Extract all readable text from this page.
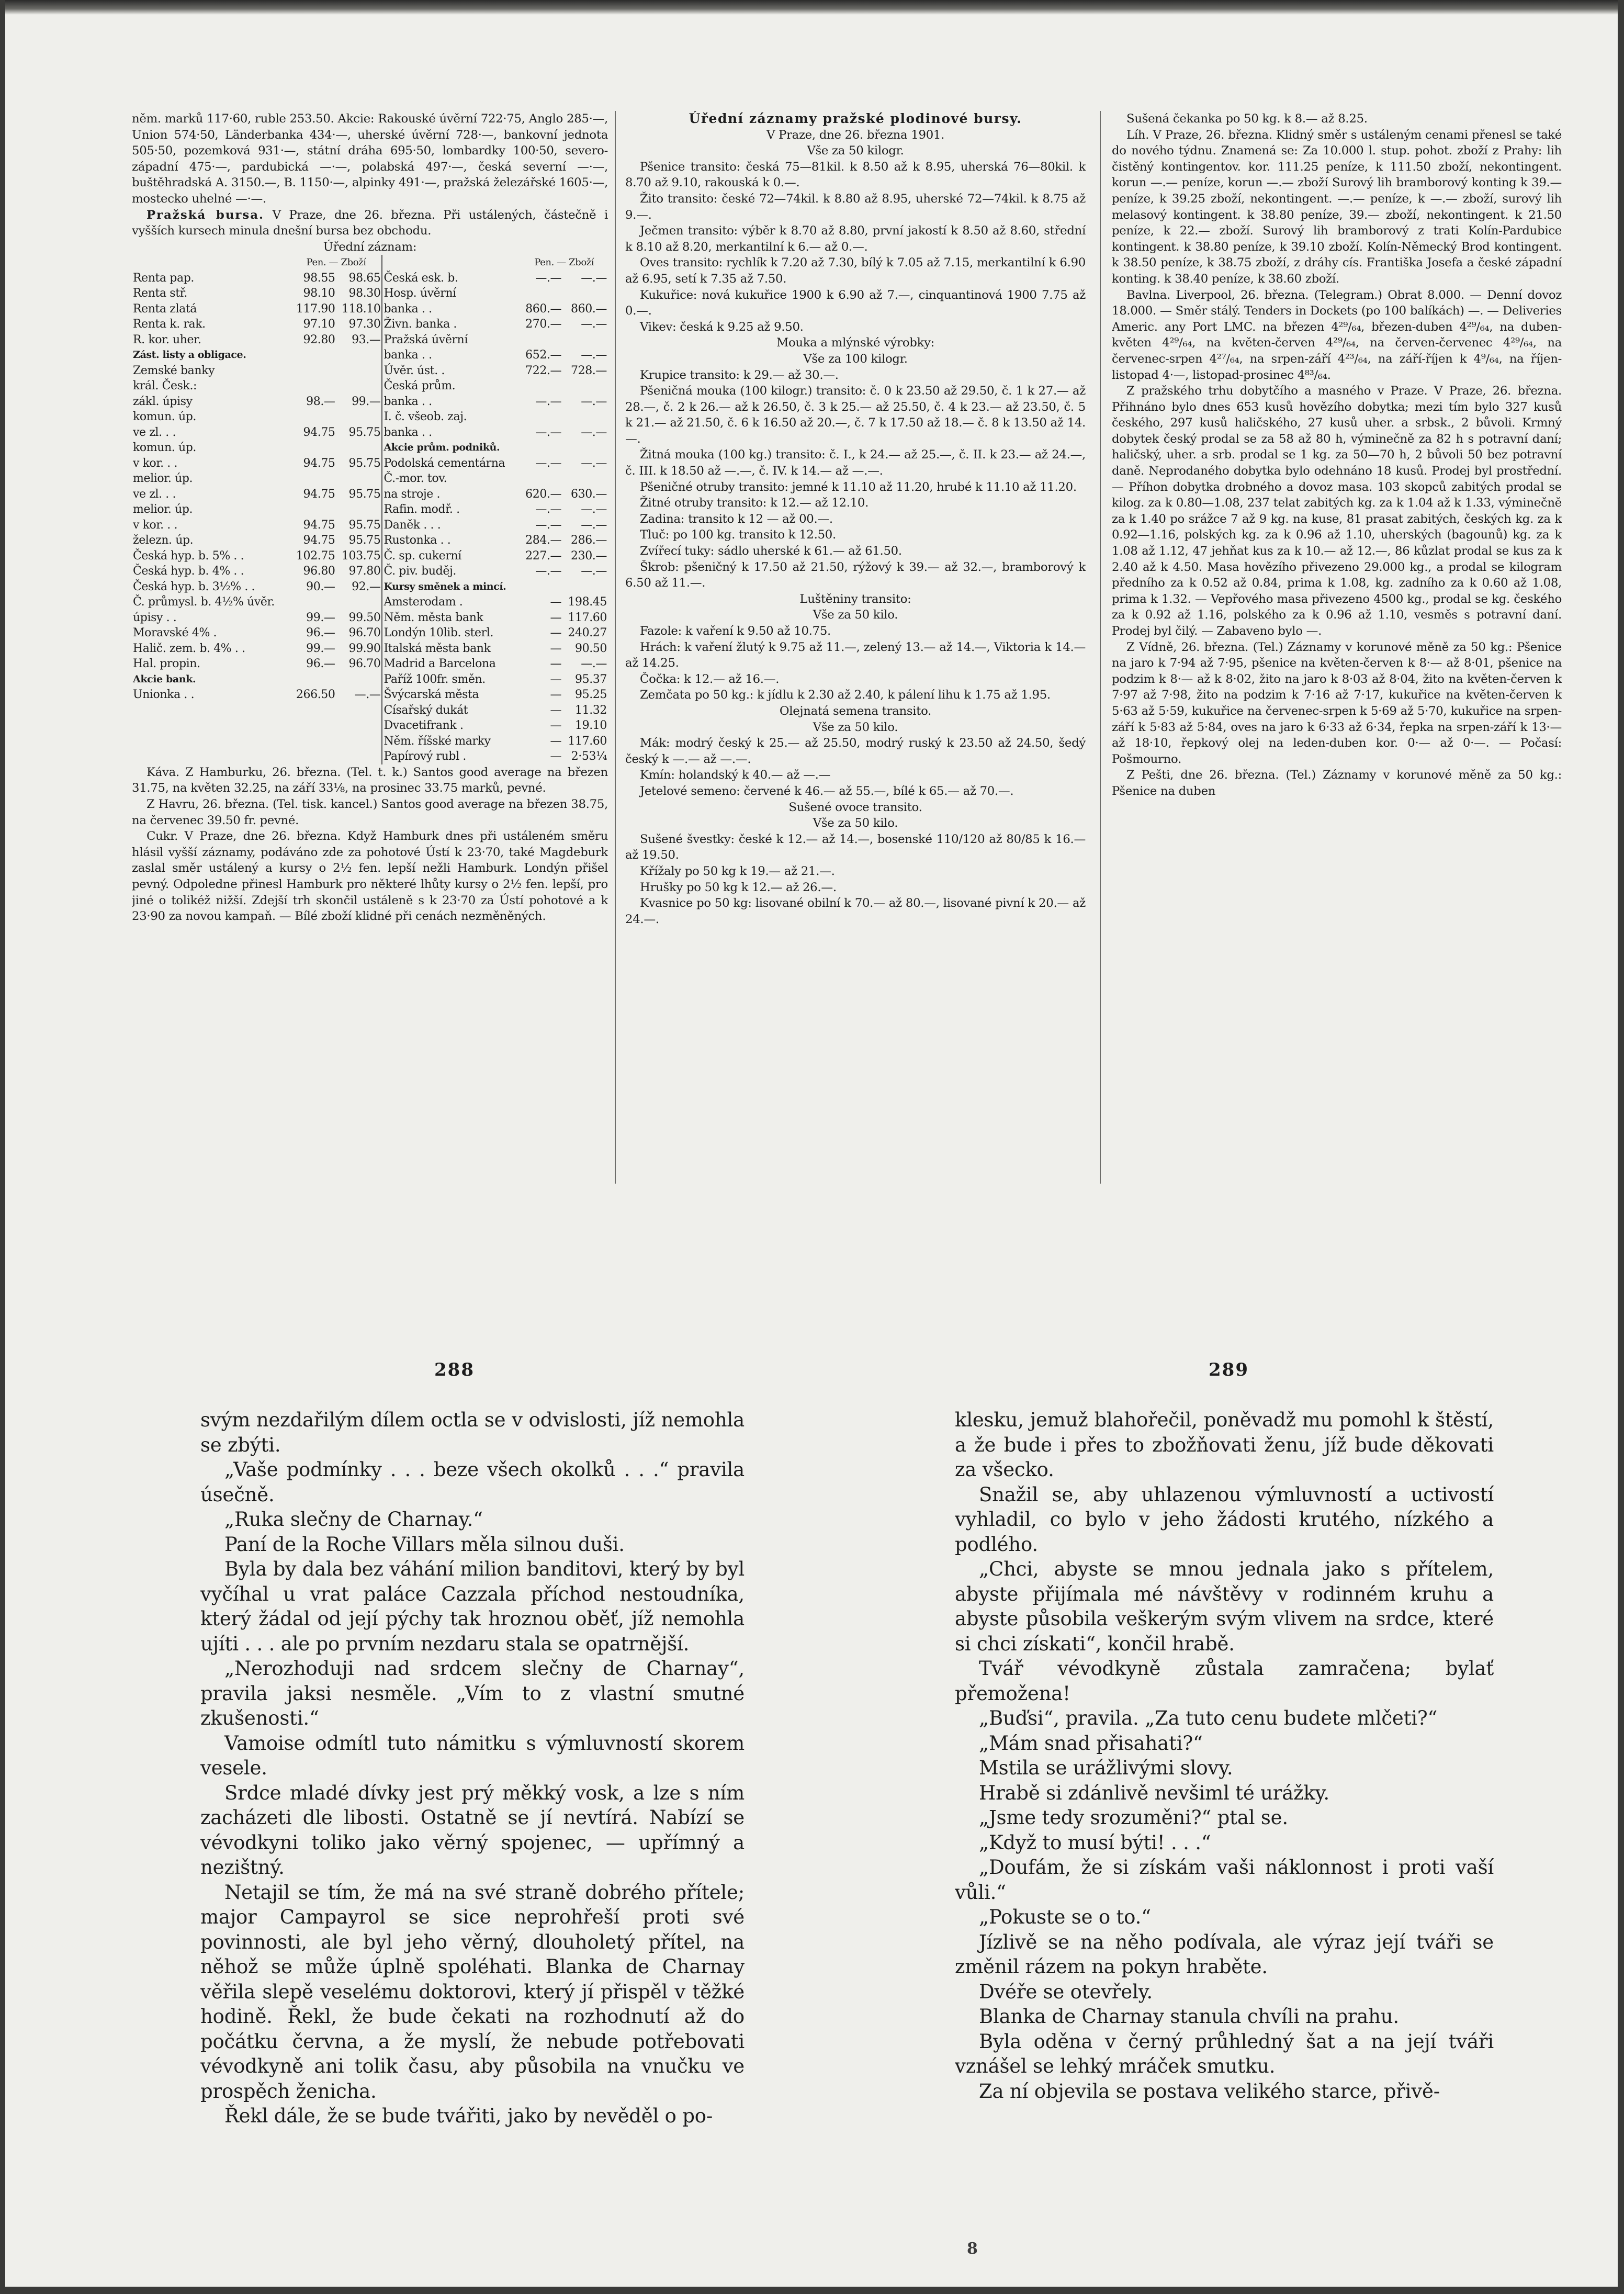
něm. marků 117·60, ruble 253.50. Akcie: Rakouské úvěrní 722·75, Anglo 285·—, Union 574·50, Länderbanka 434·—, uherské úvěrní 728·—, bankovní jednota 505·50, pozemková 931·—, státní dráha 695·50, lombardky 100·50, severo-západní 475·—, pardubická —·—, polabská 497·—, česká severní —·—, buštěhradská A. 3150.—, B. 1150·—, alpinky 491·—, pražská železářské 1605·—, mostecko uhelné —·—.

Pražská bursa. V Praze, dne 26. března. Při ustálených, částečně i vyšších kursech minula dnešní bursa bez obchodu.

Úřední záznam:

	Pen. — Zboží			Pen. — Zboží	
Renta pap.	98.55	98.65	Česká esk. b.	—.—	—.—
Renta stř.	98.10	98.30	Hosp. úvěrní		
Renta zlatá	117.90	118.10	banka . .	860.—	860.—
Renta k. rak.	97.10	97.30	Živn. banka .	270.—	—.—
R. kor. uher.	92.80	93.—	Pražská úvěrní		
Zást. listy a obligace.			banka . .	652.—	—.—
Zemské banky			Úvěr. úst. .	722.—	728.—
král. Česk.:			Česká prům.		
zákl. úpisy	98.—	99.—	banka . .	—.—	—.—
komun. úp.			I. č. všeob. zaj.		
ve zl. . .	94.75	95.75	banka . .	—.—	—.—
komun. úp.			Akcie prům. podniků.		
v kor. . .	94.75	95.75	Podolská cementárna	—.—	—.—
melior. úp.			Č.-mor. tov.		
ve zl. . .	94.75	95.75	na stroje .	620.—	630.—
melior. úp.			Rafin. modř. .	—.—	—.—
v kor. . .	94.75	95.75	Daněk . . .	—.—	—.—
železn. úp.	94.75	95.75	Rustonka . .	284.—	286.—
Česká hyp. b. 5% . .	102.75	103.75	Č. sp. cukerní	227.—	230.—
Česká hyp. b. 4% . .	96.80	97.80	Č. piv. buděj.	—.—	—.—
Česká hyp. b. 3½% . .	90.—	92.—	Kursy směnek a mincí.		
Č. průmysl. b. 4½% úvěr.			Amsterodam .	—	198.45
úpisy . .	99.—	99.50	Něm. města bank	—	117.60
Moravské 4% .	96.—	96.70	Londýn 10lib. sterl.	—	240.27
Halič. zem. b. 4% . .	99.—	99.90	Italská města bank	—	90.50
Hal. propin.	96.—	96.70	Madrid a Barcelona	—	—.—
Akcie bank.			Paříž 100fr. směn.	—	95.37
Unionka . .	266.50	—.—	Švýcarská města	—	95.25
			Císařský dukát	—	11.32
			Dvacetifrank .	—	19.10
			Něm. říšské marky	—	117.60
			Papírový rubl .	—	2·53¼

Káva. Z Hamburku, 26. března. (Tel. t. k.) Santos good average na březen 31.75, na květen 32.25, na září 33⅛, na prosinec 33.75 marků, pevné.

Z Havru, 26. března. (Tel. tisk. kancel.) Santos good average na březen 38.75, na červenec 39.50 fr. pevné.

Cukr. V Praze, dne 26. března. Když Hamburk dnes při ustáleném směru hlásil vyšší záznamy, podáváno zde za pohotové Ústí k 23·70, také Magdeburk zaslal směr ustálený a kursy o 2½ fen. lepší nežli Hamburk. Londýn přišel pevný. Odpoledne přinesl Hamburk pro některé lhůty kursy o 2½ fen. lepší, pro jiné o tolikéž nižší. Zdejší trh skončil ustáleně s k 23·70 za Ústí pohotové a k 23·90 za novou kampaň. — Bílé zboží klidné při cenách nezměněných.

Úřední záznamy pražské plodinové bursy.

V Praze, dne 26. března 1901.

Vše za 50 kilogr.

Pšenice transito: česká 75—81kil. k 8.50 až k 8.95, uherská 76—80kil. k 8.70 až 9.10, rakouská k 0.—.

Žito transito: české 72—74kil. k 8.80 až 8.95, uherské 72—74kil. k 8.75 až 9.—.

Ječmen transito: výběr k 8.70 až 8.80, první jakostí k 8.50 až 8.60, střední k 8.10 až 8.20, merkantilní k 6.— až 0.—.

Oves transito: rychlík k 7.20 až 7.30, bílý k 7.05 až 7.15, merkantilní k 6.90 až 6.95, setí k 7.35 až 7.50.

Kukuřice: nová kukuřice 1900 k 6.90 až 7.—, cinquantinová 1900 7.75 až 0.—.

Vikev: česká k 9.25 až 9.50.

Mouka a mlýnské výrobky:

Vše za 100 kilogr.

Krupice transito: k 29.— až 30.—.

Pšeničná mouka (100 kilogr.) transito: č. 0 k 23.50 až 29.50, č. 1 k 27.— až 28.—, č. 2 k 26.— až k 26.50, č. 3 k 25.— až 25.50, č. 4 k 23.— až 23.50, č. 5 k 21.— až 21.50, č. 6 k 16.50 až 20.—, č. 7 k 17.50 až 18.— č. 8 k 13.50 až 14.—.

Žitná mouka (100 kg.) transito: č. I., k 24.— až 25.—, č. II. k 23.— až 24.—, č. III. k 18.50 až —.—, č. IV. k 14.— až —.—.

Pšeničné otruby transito: jemné k 11.10 až 11.20, hrubé k 11.10 až 11.20.

Žitné otruby transito: k 12.— až 12.10.

Zadina: transito k 12 — až 00.—.

Tluč: po 100 kg. transito k 12.50.

Zvířecí tuky: sádlo uherské k 61.— až 61.50.

Škrob: pšeničný k 17.50 až 21.50, rýžový k 39.— až 32.—, bramborový k 6.50 až 11.—.

Luštěniny transito:

Vše za 50 kilo.

Fazole: k vaření k 9.50 až 10.75.

Hrách: k vaření žlutý k 9.75 až 11.—, zelený 13.— až 14.—, Viktoria k 14.— až 14.25.

Čočka: k 12.— až 16.—.

Zemčata po 50 kg.: k jídlu k 2.30 až 2.40, k pálení lihu k 1.75 až 1.95.

Olejnatá semena transito.

Vše za 50 kilo.

Mák: modrý český k 25.— až 25.50, modrý ruský k 23.50 až 24.50, šedý český k —.— až —.—.

Kmín: holandský k 40.— až —.—

Jetelové semeno: červené k 46.— až 55.—, bílé k 65.— až 70.—.

Sušené ovoce transito.

Vše za 50 kilo.

Sušené švestky: české k 12.— až 14.—, bosenské 110/120 až 80/85 k 16.— až 19.50.

Křížaly po 50 kg k 19.— až 21.—.

Hrušky po 50 kg k 12.— až 26.—.

Kvasnice po 50 kg: lisované obilní k 70.— až 80.—, lisované pivní k 20.— až 24.—.

Sušená čekanka po 50 kg. k 8.— až 8.25.

Líh. V Praze, 26. března. Klidný směr s ustáleným cenami přenesl se také do nového týdnu. Znamená se: Za 10.000 l. stup. pohot. zboží z Prahy: lih čistěný kontingentov. kor. 111.25 peníze, k 111.50 zboží, nekontingent. korun —.— peníze, korun —.— zboží Surový lih bramborový konting k 39.— peníze, k 39.25 zboží, nekontingent. —.— peníze, k —.— zboží, surový lih melasový kontingent. k 38.80 peníze, 39.— zboží, nekontingent. k 21.50 peníze, k 22.— zboží. Surový lih bramborový z trati Kolín-Pardubice kontingent. k 38.80 peníze, k 39.10 zboží. Kolín-Německý Brod kontingent. k 38.50 peníze, k 38.75 zboží, z dráhy cís. Františka Josefa a české západní konting. k 38.40 peníze, k 38.60 zboží.

Bavlna. Liverpool, 26. března. (Telegram.) Obrat 8.000. — Denní dovoz 18.000. — Směr stálý. Tenders in Dockets (po 100 balíkách) —. — Deliveries Americ. any Port LMC. na březen 4²⁹/₆₄, březen-duben 4²⁹/₆₄, na duben-květen 4²⁹/₆₄, na květen-červen 4²⁹/₆₄, na červen-červenec 4²⁹/₆₄, na červenec-srpen 4²⁷/₆₄, na srpen-září 4²³/₆₄, na září-říjen k 4⁹/₆₄, na říjen-listopad 4·—, listopad-prosinec 4⁸³/₆₄.

Z pražského trhu dobytčího a masného v Praze. V Praze, 26. března. Přihnáno bylo dnes 653 kusů hovězího dobytka; mezi tím bylo 327 kusů českého, 297 kusů haličského, 27 kusů uher. a srbsk., 2 bůvoli. Krmný dobytek český prodal se za 58 až 80 h, výminečně za 82 h s potravní daní; haličský, uher. a srb. prodal se 1 kg. za 50—70 h, 2 bůvoli 50 bez potravní daně. Neprodaného dobytka bylo odehnáno 18 kusů. Prodej byl prostřední. — Příhon dobytka drobného a dovoz masa. 103 skopců zabitých prodal se kilog. za k 0.80—1.08, 237 telat zabitých kg. za k 1.04 až k 1.33, výminečně za k 1.40 po srážce 7 až 9 kg. na kuse, 81 prasat zabitých, českých kg. za k 0.92—1.16, polských kg. za k 0.96 až 1.10, uherských (bagounů) kg. za k 1.08 až 1.12, 47 jehňat kus za k 10.— až 12.—, 86 kůzlat prodal se kus za k 2.40 až k 4.50. Masa hovězího přivezeno 29.000 kg., a prodal se kilogram předního za k 0.52 až 0.84, prima k 1.08, kg. zadního za k 0.60 až 1.08, prima k 1.32. — Vepřového masa přivezeno 4500 kg., prodal se kg. českého za k 0.92 až 1.16, polského za k 0.96 až 1.10, vesměs s potravní daní. Prodej byl čilý. — Zabaveno bylo —.

Z Vídně, 26. března. (Tel.) Záznamy v korunové měně za 50 kg.: Pšenice na jaro k 7·94 až 7·95, pšenice na květen-červen k 8·— až 8·01, pšenice na podzim k 8·— až k 8·02, žito na jaro k 8·03 až 8·04, žito na květen-červen k 7·97 až 7·98, žito na podzim k 7·16 až 7·17, kukuřice na květen-červen k 5·63 až 5·59, kukuřice na červenec-srpen k 5·69 až 5·70, kukuřice na srpen-září k 5·83 až 5·84, oves na jaro k 6·33 až 6·34, řepka na srpen-září k 13·— až 18·10, řepkový olej na leden-duben kor. 0·— až 0·—. — Počasí: Pošmourno.

Z Pešti, dne 26. března. (Tel.) Záznamy v korunové měně za 50 kg.: Pšenice na duben

288	289

svým nezdařilým dílem octla se v odvislosti, jíž nemohla se zbýti.

„Vaše podmínky . . . beze všech okolků . . .“ pravila úsečně.

„Ruka slečny de Charnay.“

Paní de la Roche Villars měla silnou duši.

Byla by dala bez váhání milion banditovi, který by byl vyčíhal u vrat paláce Cazzala příchod nestoudníka, který žádal od její pýchy tak hroznou oběť, jíž nemohla ujíti . . . ale po prvním nezdaru stala se opatrnější.

„Nerozhoduji nad srdcem slečny de Charnay“, pravila jaksi nesměle. „Vím to z vlastní smutné zkušenosti.“

Vamoise odmítl tuto námitku s výmluvností skorem vesele.

Srdce mladé dívky jest prý měkký vosk, a lze s ním zacházeti dle libosti. Ostatně se jí nevtírá. Nabízí se vévodkyni toliko jako věrný spojenec, — upřímný a nezištný.

Netajil se tím, že má na své straně dobrého přítele; major Campayrol se sice neprohřeší proti své povinnosti, ale byl jeho věrný, dlouholetý přítel, na něhož se může úplně spoléhati. Blanka de Charnay věřila slepě veselému doktorovi, který jí přispěl v těžké hodině. Řekl, že bude čekati na rozhodnutí až do počátku června, a že myslí, že nebude potřebovati vévodkyně ani tolik času, aby působila na vnučku ve prospěch ženicha.

Řekl dále, že se bude tvářiti, jako by nevěděl o po-

klesku, jemuž blahořečil, poněvadž mu pomohl k štěstí, a že bude i přes to zbožňovati ženu, jíž bude děkovati za všecko.

Snažil se, aby uhlazenou výmluvností a uctivostí vyhladil, co bylo v jeho žádosti krutého, nízkého a podlého.

„Chci, abyste se mnou jednala jako s přítelem, abyste přijímala mé návštěvy v rodinném kruhu a abyste působila veškerým svým vlivem na srdce, které si chci získati“, končil hrabě.

Tvář vévodkyně zůstala zamračena; bylať přemožena!

„Buďsi“, pravila. „Za tuto cenu budete mlčeti?“

„Mám snad přisahati?“

Mstila se urážlivými slovy.

Hrabě si zdánlivě nevšiml té urážky.

„Jsme tedy srozuměni?“ ptal se.

„Když to musí býti! . . .“

„Doufám, že si získám vaši náklonnost i proti vaší vůli.“

„Pokuste se o to.“

Jízlivě se na něho podívala, ale výraz její tváři se změnil rázem na pokyn hraběte.

Dvéře se otevřely.

Blanka de Charnay stanula chvíli na prahu.

Byla oděna v černý průhledný šat a na její tváři vznášel se lehký mráček smutku.

Za ní objevila se postava velikého starce, přivě-

8
